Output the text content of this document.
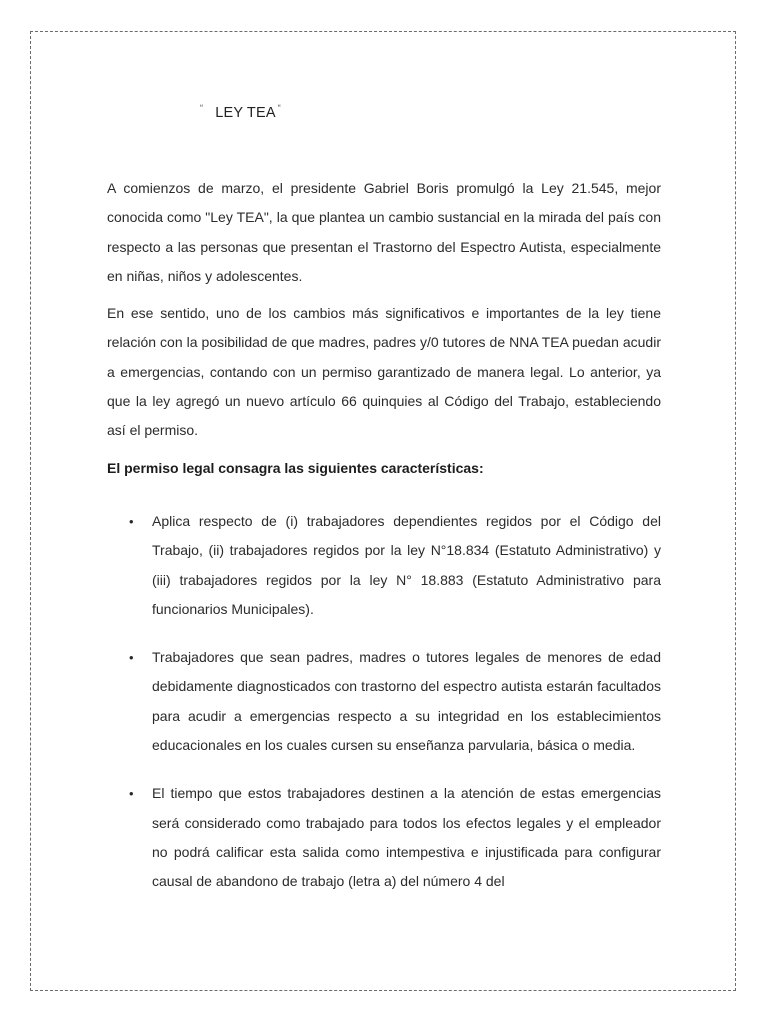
“ LEY TEA “

A comienzos de marzo, el presidente Gabriel Boris promulgó la Ley 21.545, mejor conocida como "Ley TEA", la que plantea un cambio sustancial en la mirada del país con respecto a las personas que presentan el Trastorno del Espectro Autista, especialmente en niñas, niños y adolescentes.

En ese sentido, uno de los cambios más significativos e importantes de la ley tiene relación con la posibilidad de que madres, padres y/0 tutores de NNA TEA puedan acudir a emergencias, contando con un permiso garantizado de manera legal. Lo anterior, ya que la ley agregó un nuevo artículo 66 quinquies al Código del Trabajo, estableciendo así el permiso.

El permiso legal consagra las siguientes características:

• Aplica respecto de (i) trabajadores dependientes regidos por el Código del Trabajo, (ii) trabajadores regidos por la ley N°18.834 (Estatuto Administrativo) y (iii) trabajadores regidos por la ley N° 18.883 (Estatuto Administrativo para funcionarios Municipales).
• Trabajadores que sean padres, madres o tutores legales de menores de edad debidamente diagnosticados con trastorno del espectro autista estarán facultados para acudir a emergencias respecto a su integridad en los establecimientos educacionales en los cuales cursen su enseñanza parvularia, básica o media.
• El tiempo que estos trabajadores destinen a la atención de estas emergencias será considerado como trabajado para todos los efectos legales y el empleador no podrá calificar esta salida como intempestiva e injustificada para configurar causal de abandono de trabajo (letra a) del número 4 del
